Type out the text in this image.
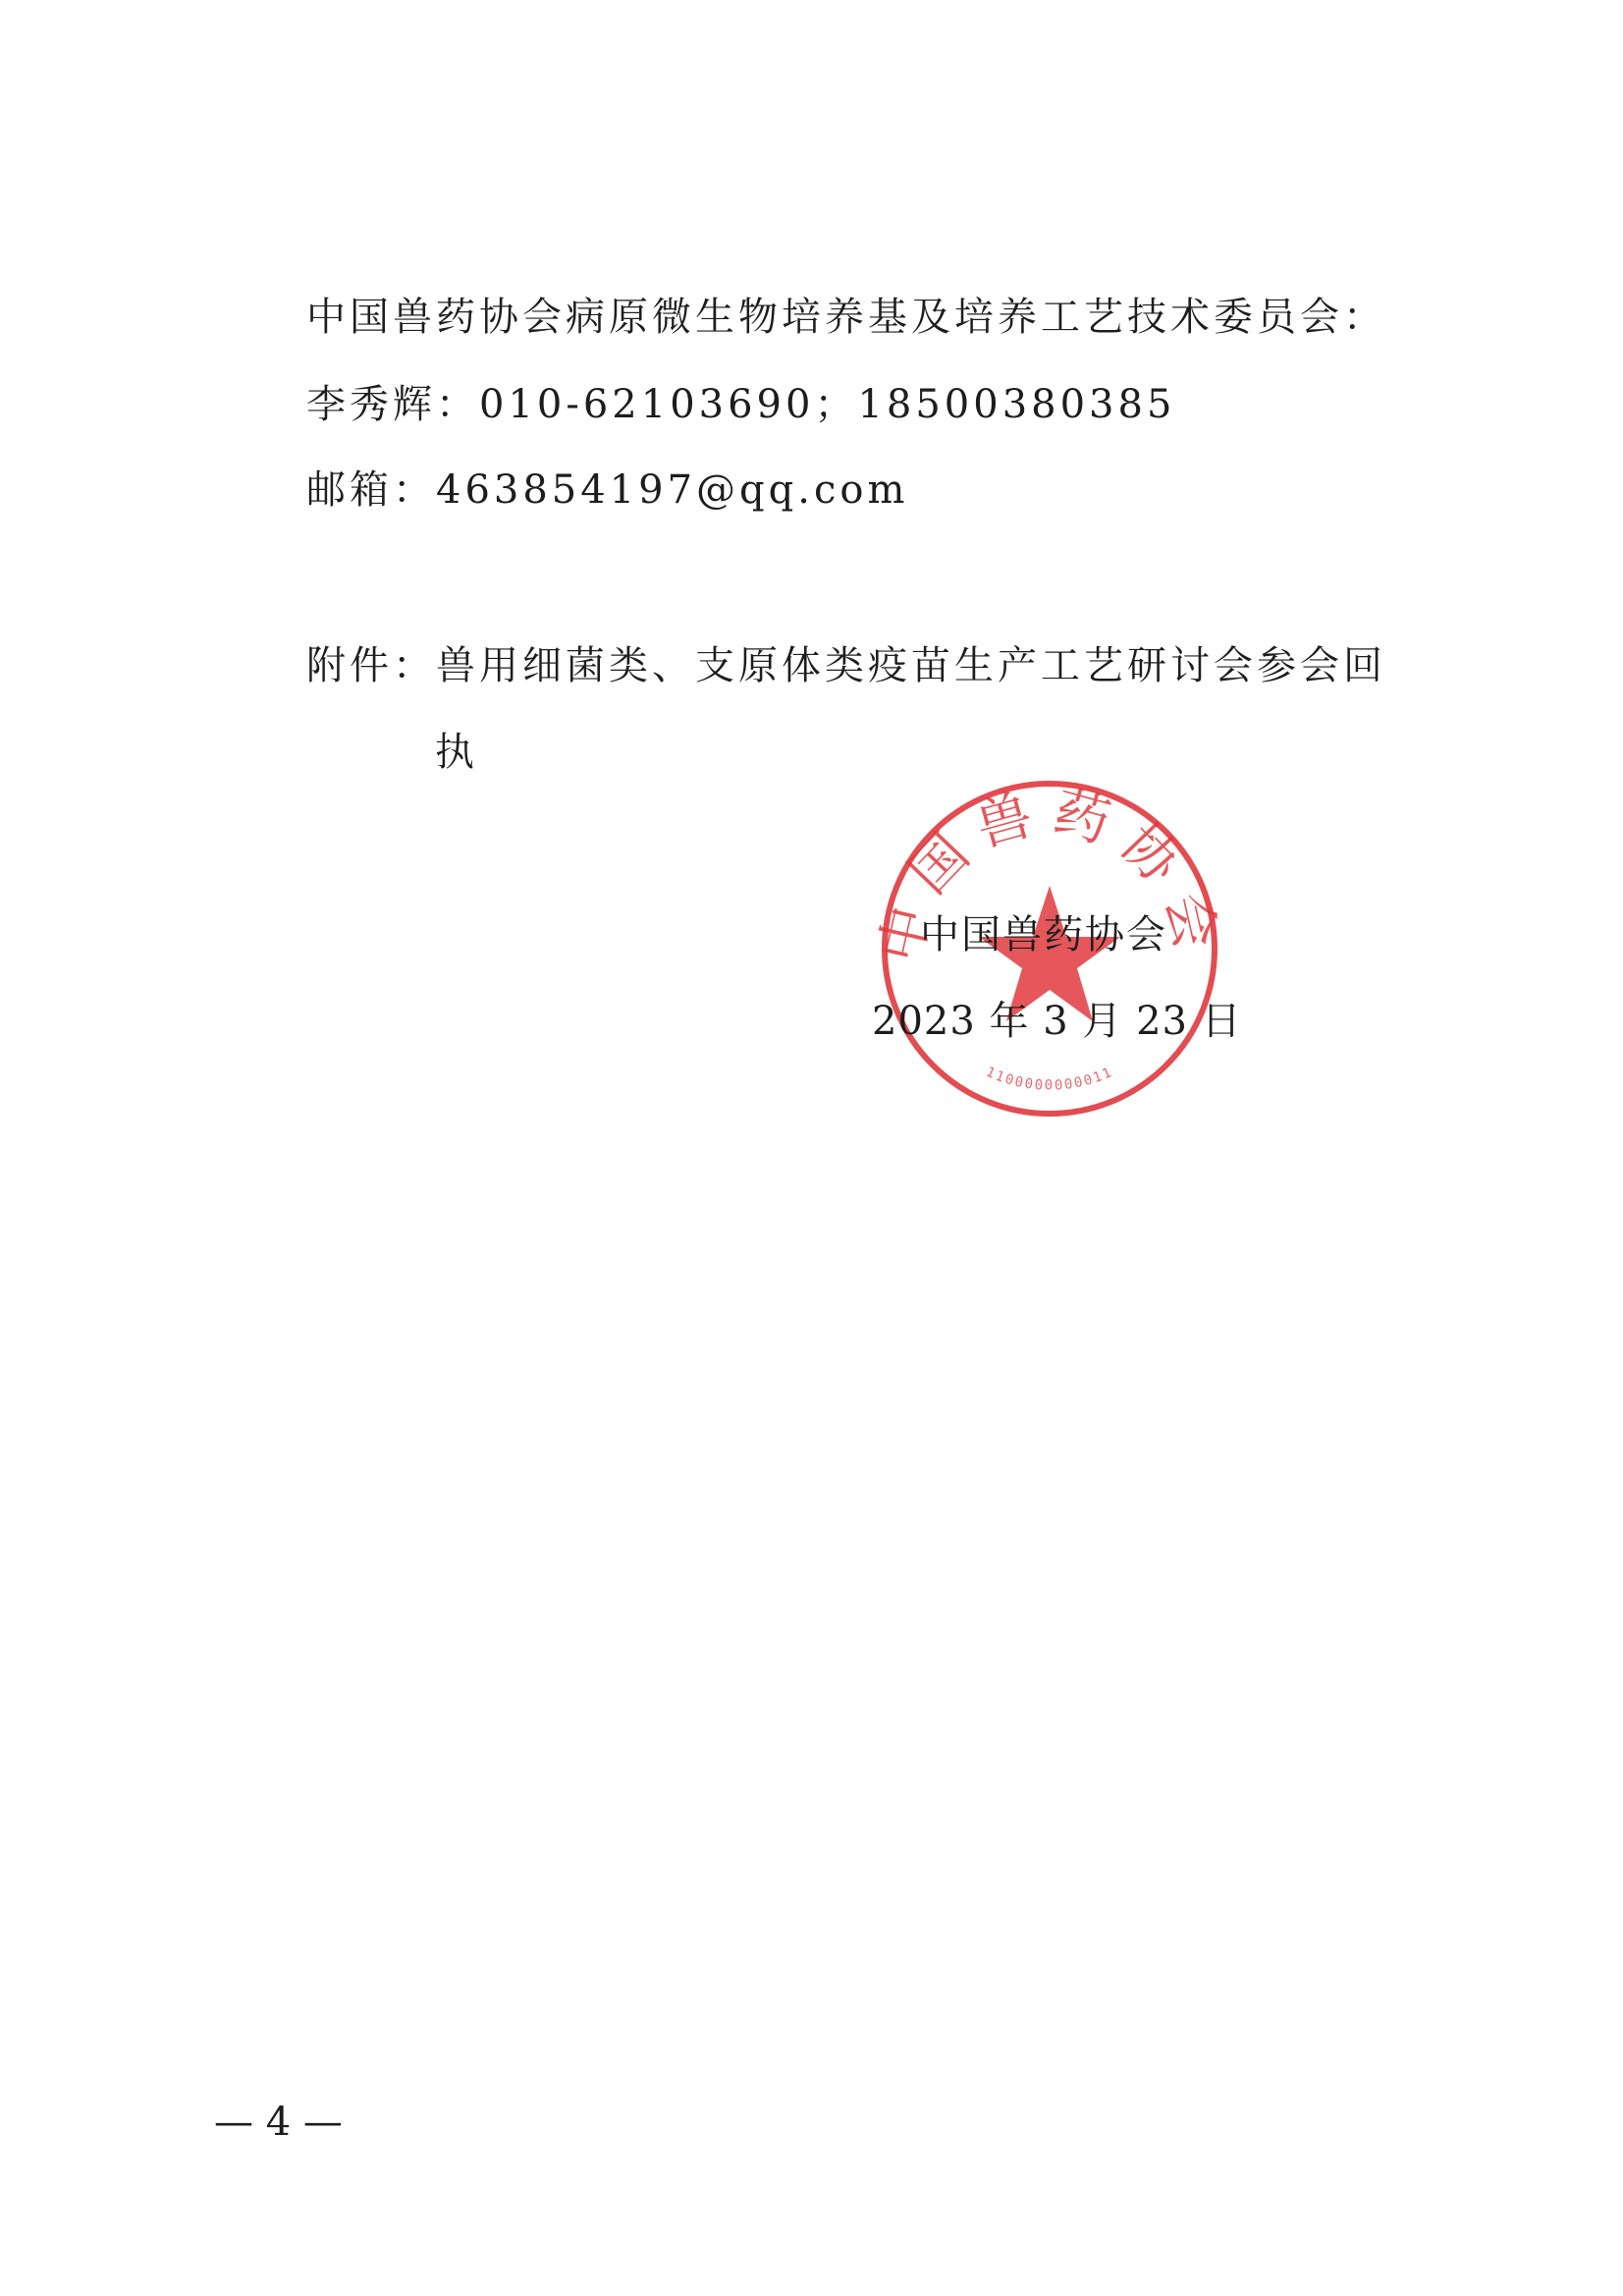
中国兽药协会病原微生物培养基及培养工艺技术委员会：
李秀辉：010-62103690；18500380385
邮箱：463854197@qq.com
附件：兽用细菌类、支原体类疫苗生产工艺研讨会参会回
执
国兽药协
1100000000011
中国兽药协会
2023 年 3 月 23 日
— 4 —
